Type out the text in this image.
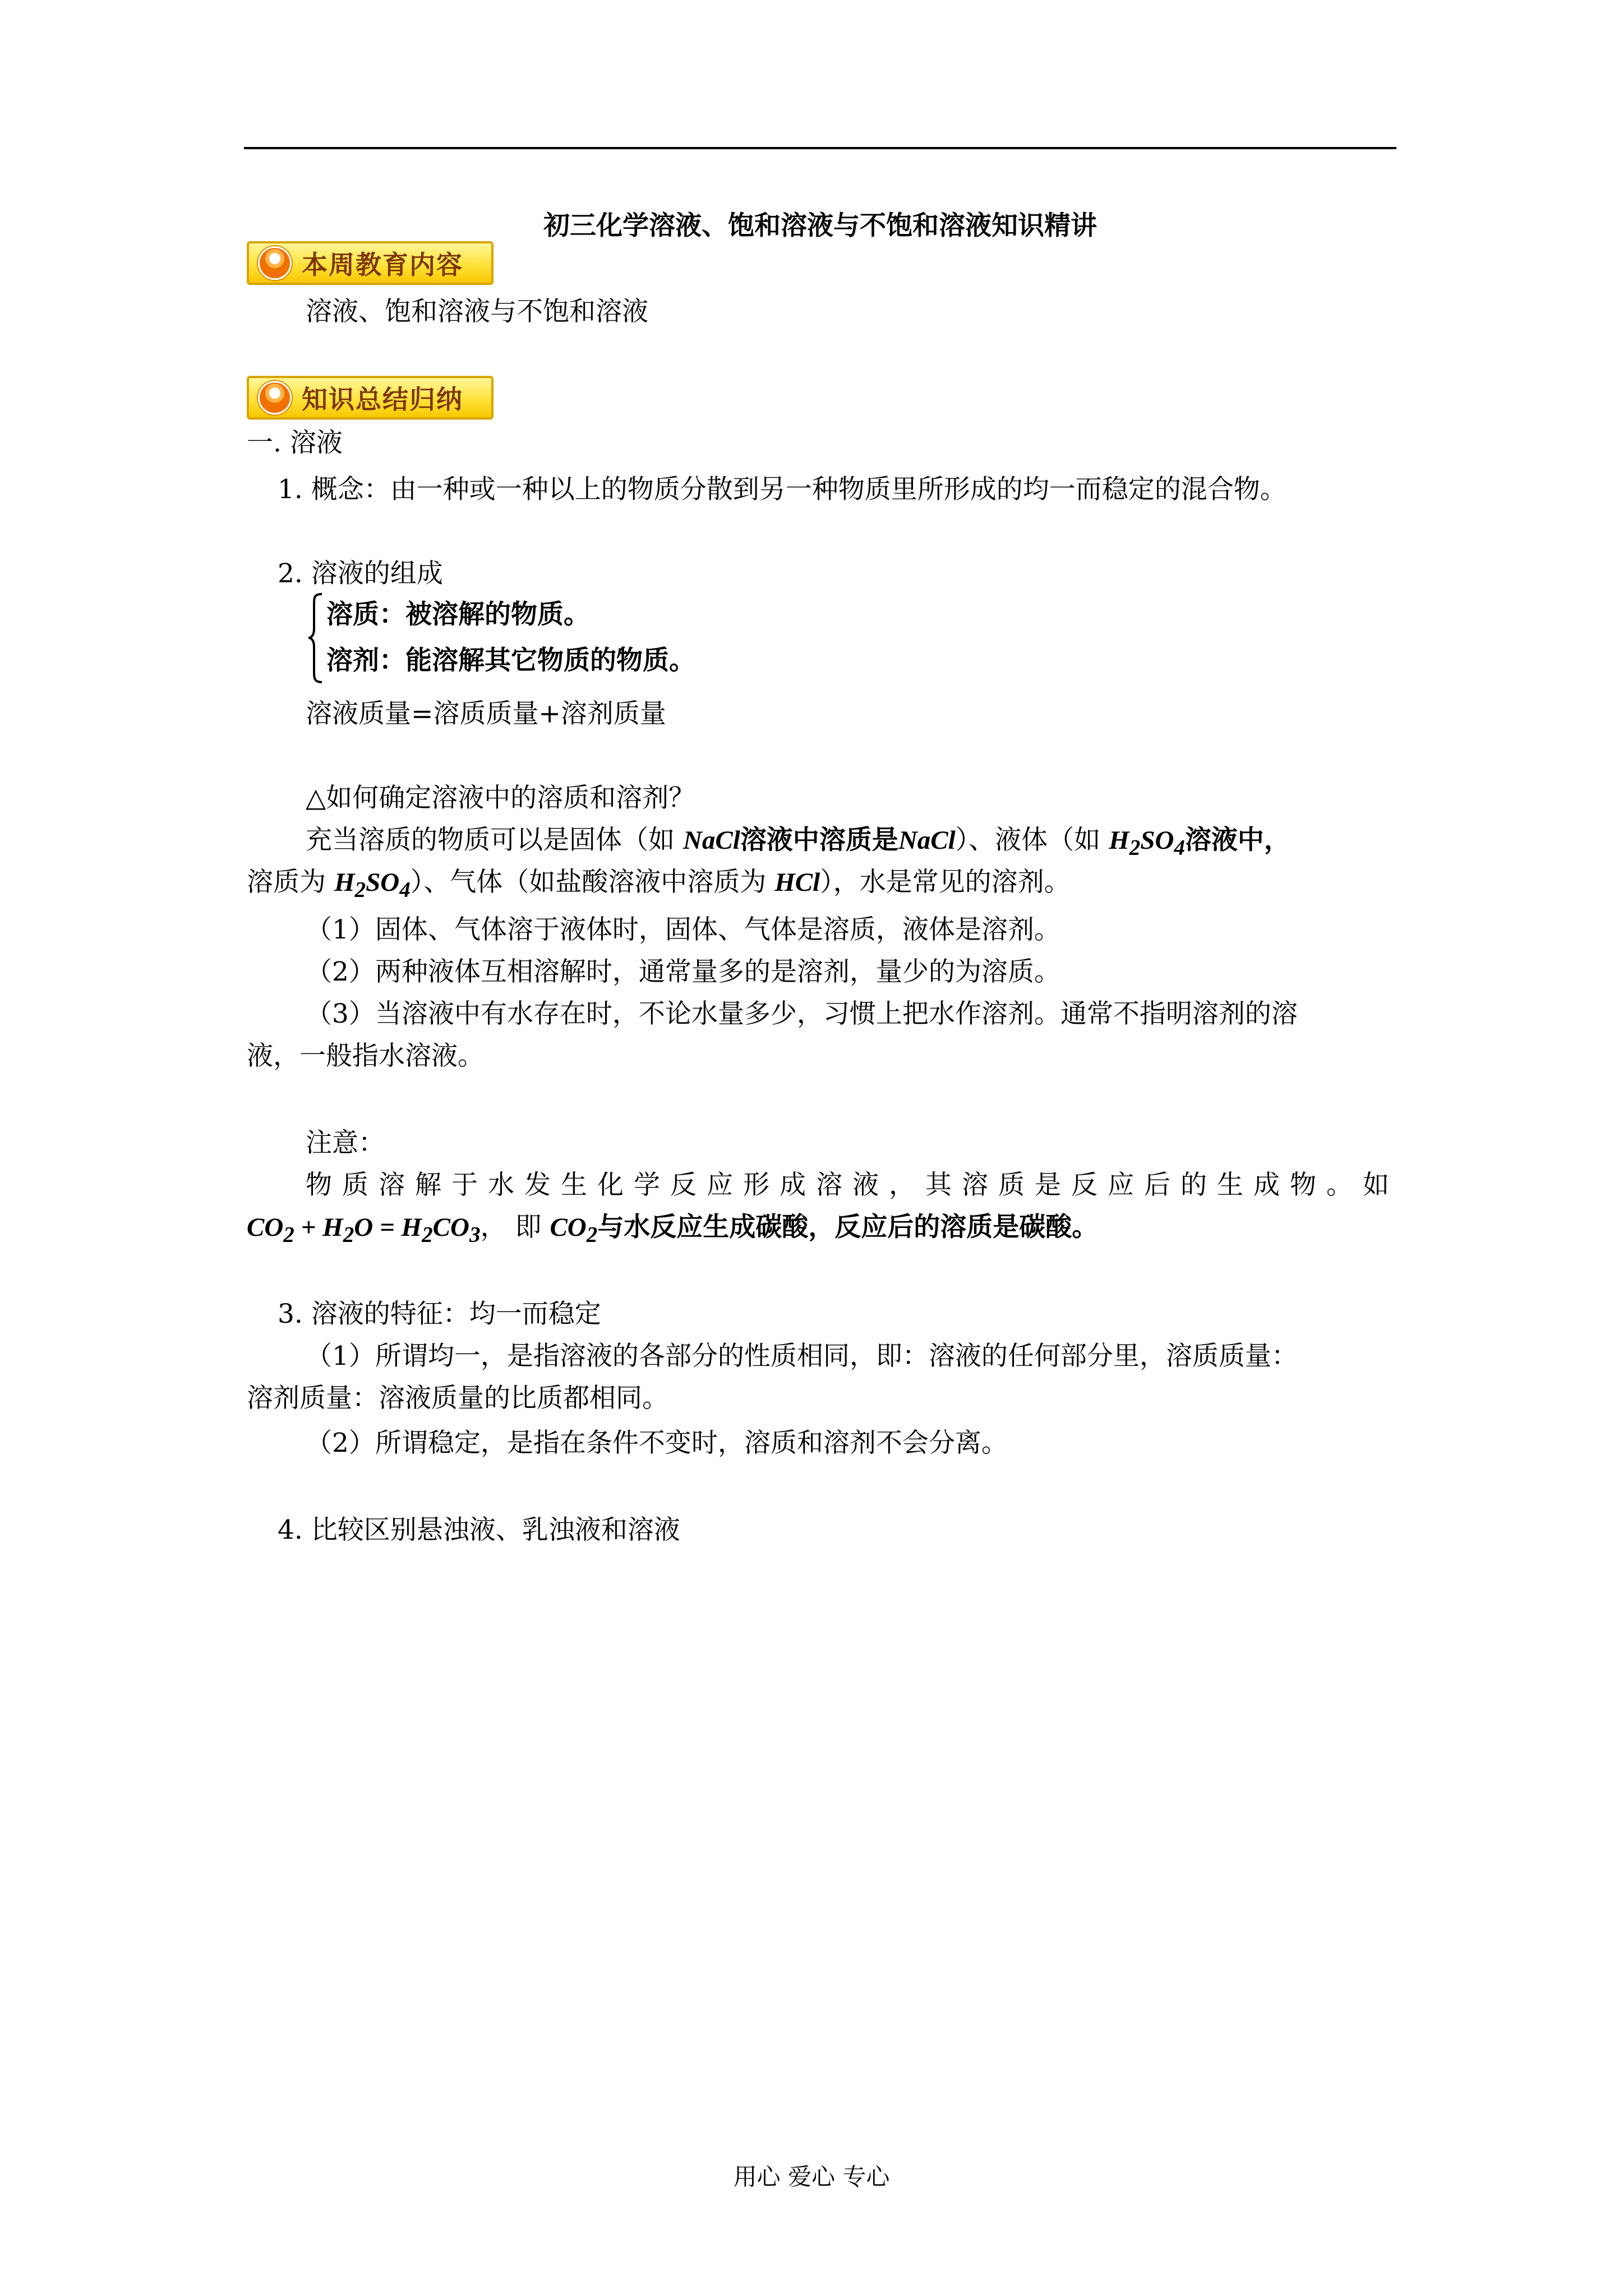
初三化学溶液、饱和溶液与不饱和溶液知识精讲
本周教育内容
溶液、饱和溶液与不饱和溶液
知识总结归纳
一. 溶液
1. 概念：由一种或一种以上的物质分散到另一种物质里所形成的均一而稳定的混合物。
2. 溶液的组成
溶质：被溶解的物质。
溶剂：能溶解其它物质的物质。
溶液质量=溶质质量+溶剂质量
△如何确定溶液中的溶质和溶剂？
充当溶质的物质可以是固体（如 NaCl溶液中溶质是NaCl）、液体（如 $H_2SO_4$溶液中，
溶质为 $H_2SO_4$）、气体（如盐酸溶液中溶质为 HCl），水是常见的溶剂。
（1）固体、气体溶于液体时，固体、气体是溶质，液体是溶剂。
（2）两种液体互相溶解时，通常量多的是溶剂，量少的为溶质。
（3）当溶液中有水存在时，不论水量多少，习惯上把水作溶剂。通常不指明溶剂的溶
液，一般指水溶液。
注意：
物质溶解于水发生化学反应形成溶液，其溶质是反应后的生成物。如
$CO_2 + H_2O = H_2CO_3$， 即 $CO_2$与水反应生成碳酸，反应后的溶质是碳酸。
3. 溶液的特征：均一而稳定
（1）所谓均一，是指溶液的各部分的性质相同，即：溶液的任何部分里，溶质质量：
溶剂质量：溶液质量的比质都相同。
（2）所谓稳定，是指在条件不变时，溶质和溶剂不会分离。
4. 比较区别悬浊液、乳浊液和溶液
用心 爱心 专心
